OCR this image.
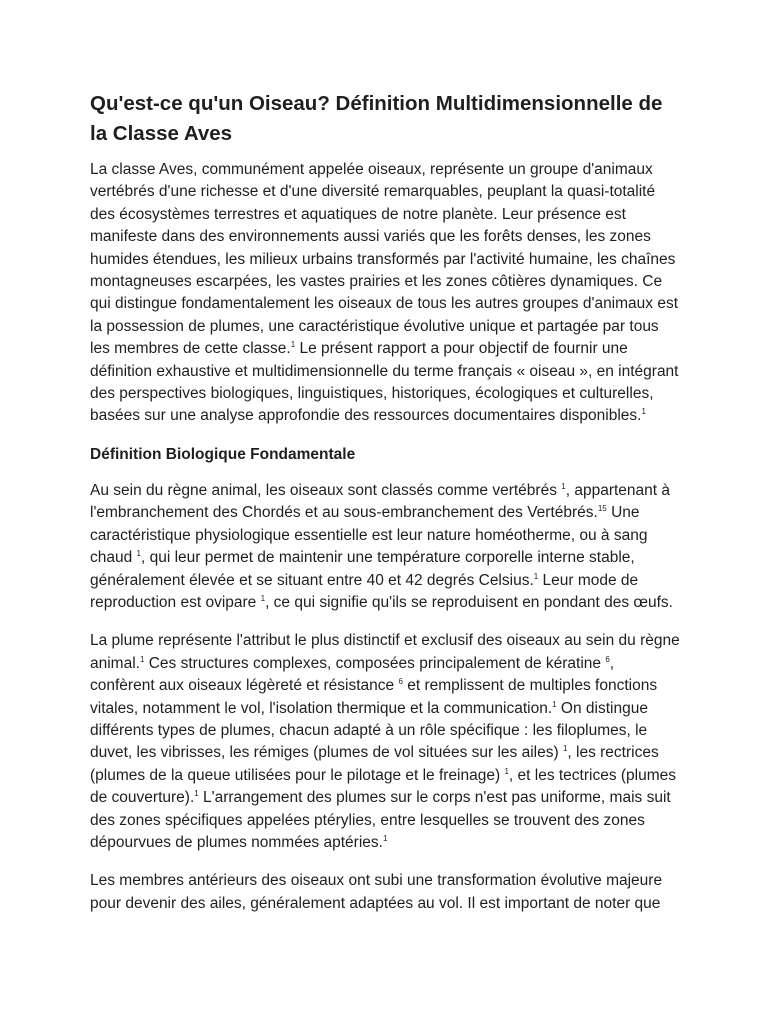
Qu'est-ce qu'un Oiseau? Définition Multidimensionnelle de la Classe Aves

La classe Aves, communément appelée oiseaux, représente un groupe d'animaux vertébrés d'une richesse et d'une diversité remarquables, peuplant la quasi-totalité des écosystèmes terrestres et aquatiques de notre planète. Leur présence est manifeste dans des environnements aussi variés que les forêts denses, les zones humides étendues, les milieux urbains transformés par l'activité humaine, les chaînes montagneuses escarpées, les vastes prairies et les zones côtières dynamiques. Ce qui distingue fondamentalement les oiseaux de tous les autres groupes d'animaux est la possession de plumes, une caractéristique évolutive unique et partagée par tous les membres de cette classe.$^1$ Le présent rapport a pour objectif de fournir une définition exhaustive et multidimensionnelle du terme français « oiseau », en intégrant des perspectives biologiques, linguistiques, historiques, écologiques et culturelles, basées sur une analyse approfondie des ressources documentaires disponibles.$^1$

Définition Biologique Fondamentale

Au sein du règne animal, les oiseaux sont classés comme vertébrés $^1$, appartenant à l'embranchement des Chordés et au sous-embranchement des Vertébrés.$^{15}$ Une caractéristique physiologique essentielle est leur nature homéotherme, ou à sang chaud $^1$, qui leur permet de maintenir une température corporelle interne stable, généralement élevée et se situant entre 40 et 42 degrés Celsius.$^1$ Leur mode de reproduction est ovipare $^1$, ce qui signifie qu'ils se reproduisent en pondant des œufs.

La plume représente l'attribut le plus distinctif et exclusif des oiseaux au sein du règne animal.$^1$ Ces structures complexes, composées principalement de kératine $^6$, confèrent aux oiseaux légèreté et résistance $^6$ et remplissent de multiples fonctions vitales, notamment le vol, l'isolation thermique et la communication.$^1$ On distingue différents types de plumes, chacun adapté à un rôle spécifique : les filoplumes, le duvet, les vibrisses, les rémiges (plumes de vol situées sur les ailes) $^1$, les rectrices (plumes de la queue utilisées pour le pilotage et le freinage) $^1$, et les tectrices (plumes de couverture).$^1$ L'arrangement des plumes sur le corps n'est pas uniforme, mais suit des zones spécifiques appelées ptérylies, entre lesquelles se trouvent des zones dépourvues de plumes nommées aptéries.$^1$

Les membres antérieurs des oiseaux ont subi une transformation évolutive majeure pour devenir des ailes, généralement adaptées au vol. Il est important de noter que
